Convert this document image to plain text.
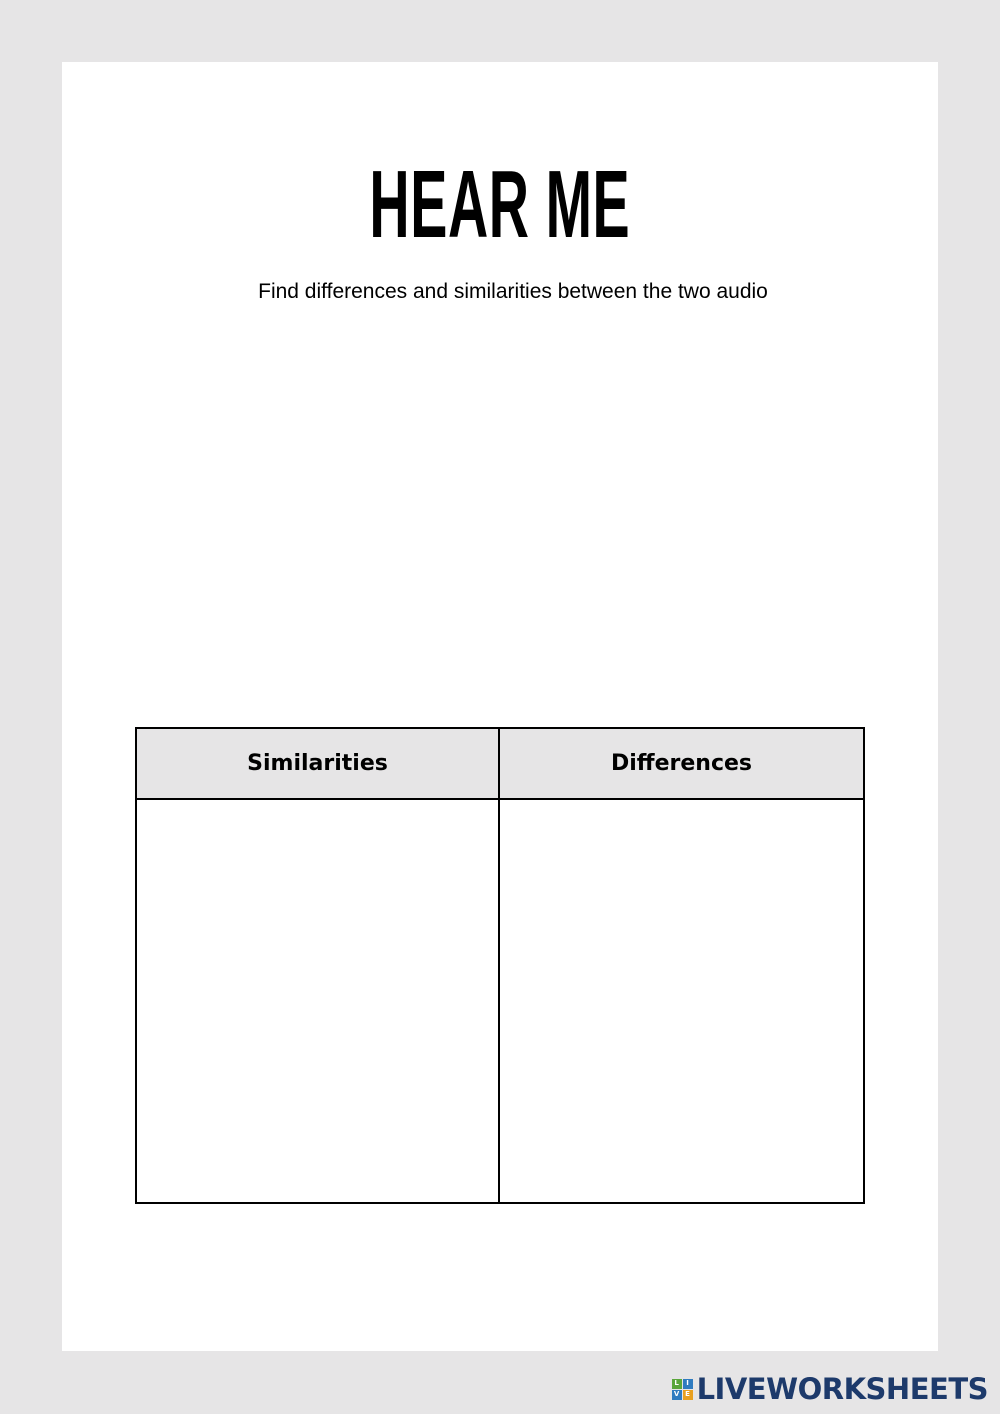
HEAR ME
Find differences and similarities between the two audio
Similarities	Differences
L	I
V E LIVEWORKSHEETS
